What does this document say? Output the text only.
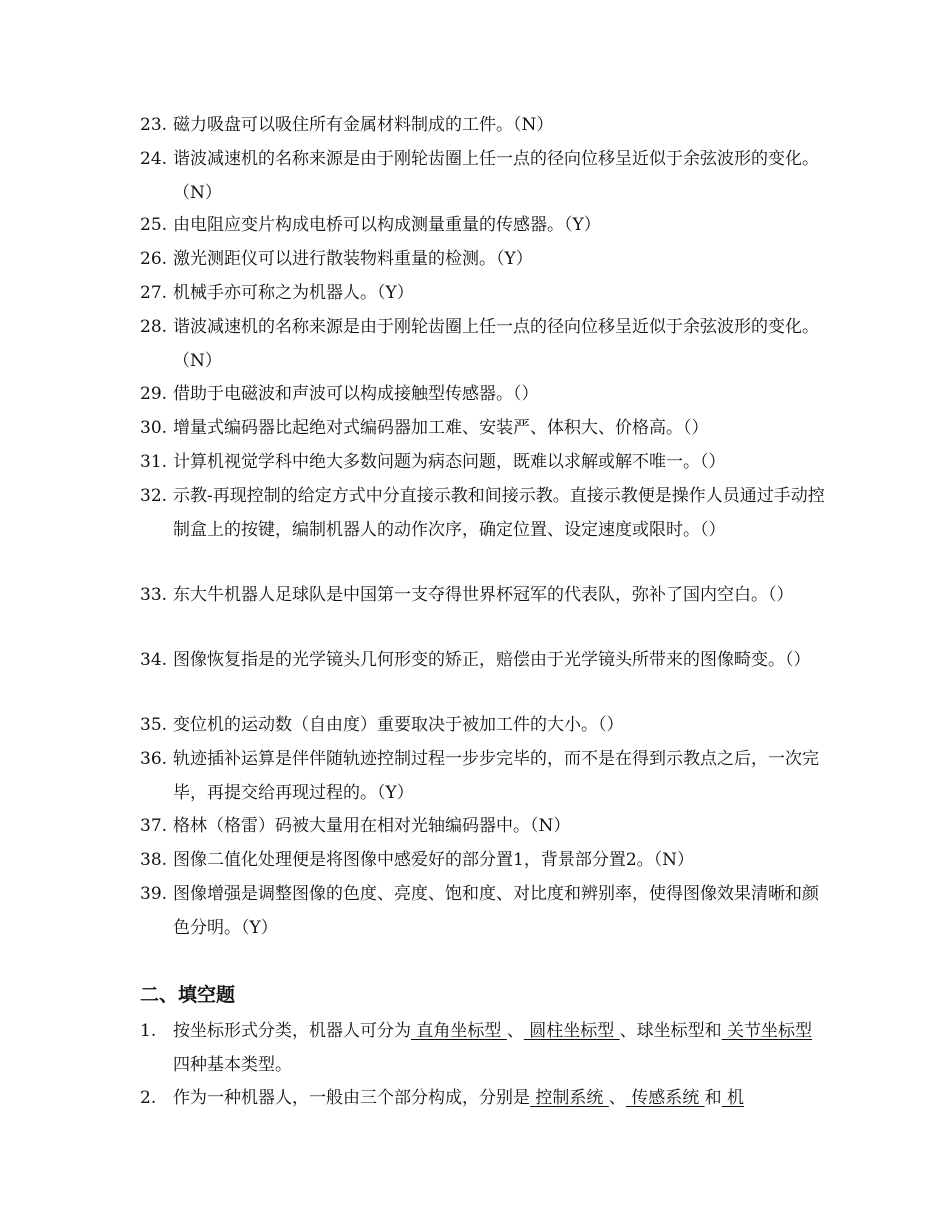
23. 磁力吸盘可以吸住所有金属材料制成的工件。（N）
24. 谐波减速机的名称来源是由于刚轮齿圈上任一点的径向位移呈近似于余弦波形的变化。（N）
25. 由电阻应变片构成电桥可以构成测量重量的传感器。（Y）
26. 激光测距仪可以进行散装物料重量的检测。（Y）
27. 机械手亦可称之为机器人。（Y）
28. 谐波减速机的名称来源是由于刚轮齿圈上任一点的径向位移呈近似于余弦波形的变化。（N）
29. 借助于电磁波和声波可以构成接触型传感器。（）
30. 增量式编码器比起绝对式编码器加工难、安装严、体积大、价格高。（）
31. 计算机视觉学科中绝大多数问题为病态问题，既难以求解或解不唯一。（）
32. 示教-再现控制的给定方式中分直接示教和间接示教。直接示教便是操作人员通过手动控制盒上的按键，编制机器人的动作次序，确定位置、设定速度或限时。（）
33. 东大牛机器人足球队是中国第一支夺得世界杯冠军的代表队，弥补了国内空白。（）
34. 图像恢复指是的光学镜头几何形变的矫正，赔偿由于光学镜头所带来的图像畸变。（）
35. 变位机的运动数（自由度）重要取决于被加工件的大小。（）
36. 轨迹插补运算是伴伴随轨迹控制过程一步步完毕的，而不是在得到示教点之后，一次完毕，再提交给再现过程的。（Y）
37. 格林（格雷）码被大量用在相对光轴编码器中。（N）
38. 图像二值化处理便是将图像中感爱好的部分置1，背景部分置2。（N）
39. 图像增强是调整图像的色度、亮度、饱和度、对比度和辨别率，使得图像效果清晰和颜色分明。（Y）
二、填空题
1. 按坐标形式分类，机器人可分为 直角坐标型 、 圆柱坐标型 、球坐标型和 关节坐标型 四种基本类型。
2. 作为一种机器人，一般由三个部分构成，分别是 控制系统 、 传感系统 和 机
